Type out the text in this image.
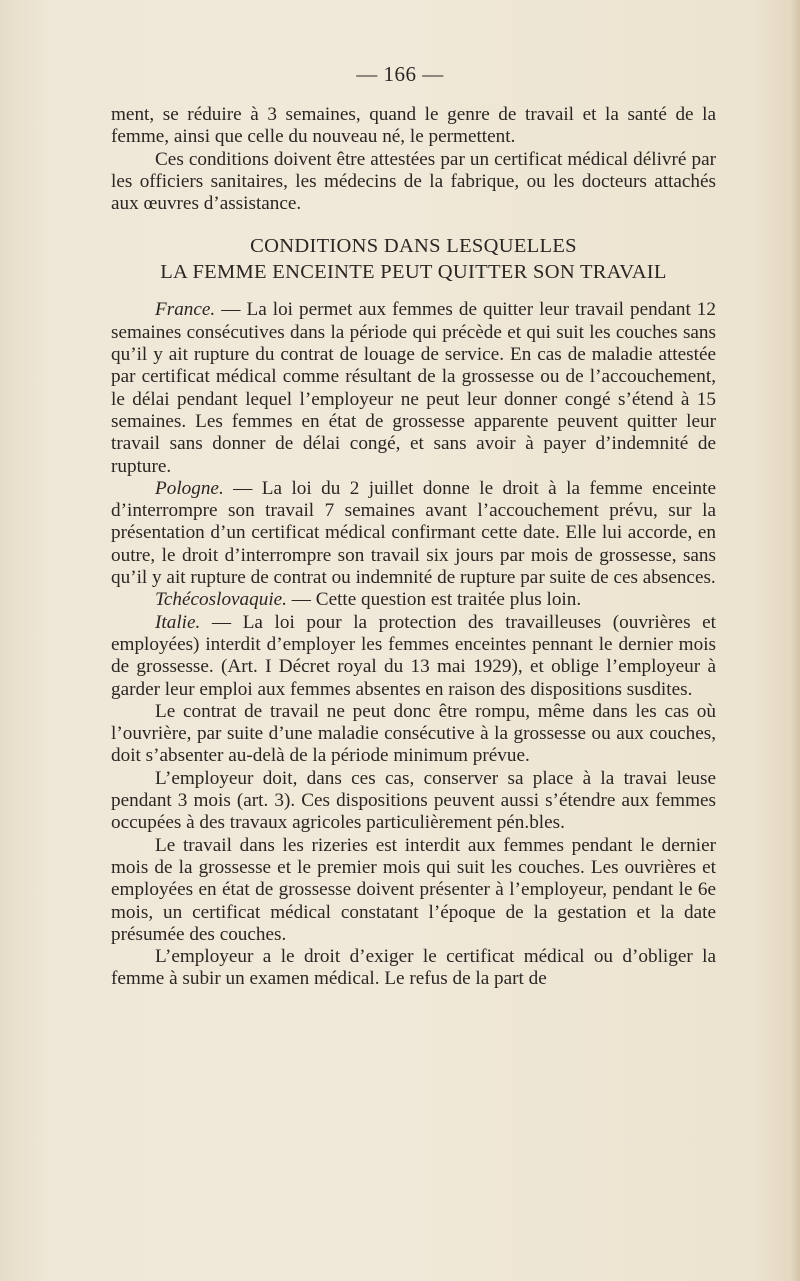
— 166 —

ment, se réduire à 3 semaines, quand le genre de travail et la santé de la femme, ainsi que celle du nouveau né, le permettent.

Ces conditions doivent être attestées par un certificat médical délivré par les officiers sanitaires, les médecins de la fabrique, ou les docteurs attachés aux œuvres d’assistance.

CONDITIONS DANS LESQUELLES
LA FEMME ENCEINTE PEUT QUITTER SON TRAVAIL

France. — La loi permet aux femmes de quitter leur travail pendant 12 semaines consécutives dans la période qui précède et qui suit les couches sans qu’il y ait rupture du contrat de louage de service. En cas de maladie attestée par certificat médical comme résultant de la grossesse ou de l’accouchement, le délai pendant lequel l’employeur ne peut leur donner congé s’étend à 15 semaines. Les femmes en état de grossesse apparente peuvent quitter leur travail sans donner de délai congé, et sans avoir à payer d’indemnité de rupture.

Pologne. — La loi du 2 juillet donne le droit à la femme enceinte d’interrompre son travail 7 semaines avant l’accouchement prévu, sur la présentation d’un certificat médical confirmant cette date. Elle lui accorde, en outre, le droit d’interrompre son travail six jours par mois de grossesse, sans qu’il y ait rupture de contrat ou indemnité de rupture par suite de ces absences.

Tchécoslovaquie. — Cette question est traitée plus loin.

Italie. — La loi pour la protection des travailleuses (ouvrières et employées) interdit d’employer les femmes enceintes pennant le dernier mois de grossesse. (Art. I Décret royal du 13 mai 1929), et oblige l’employeur à garder leur emploi aux femmes absentes en raison des dispositions susdites.

Le contrat de travail ne peut donc être rompu, même dans les cas où l’ouvrière, par suite d’une maladie consécutive à la grossesse ou aux couches, doit s’absenter au-delà de la période minimum prévue.

L’employeur doit, dans ces cas, conserver sa place à la travai leuse pendant 3 mois (art. 3). Ces dispositions peuvent aussi s’étendre aux femmes occupées à des travaux agricoles particulièrement pén.bles.

Le travail dans les rizeries est interdit aux femmes pendant le dernier mois de la grossesse et le premier mois qui suit les couches. Les ouvrières et employées en état de grossesse doivent présenter à l’employeur, pendant le 6e mois, un certificat médical constatant l’époque de la gestation et la date présumée des couches.

L’employeur a le droit d’exiger le certificat médical ou d’obliger la femme à subir un examen médical. Le refus de la part de
